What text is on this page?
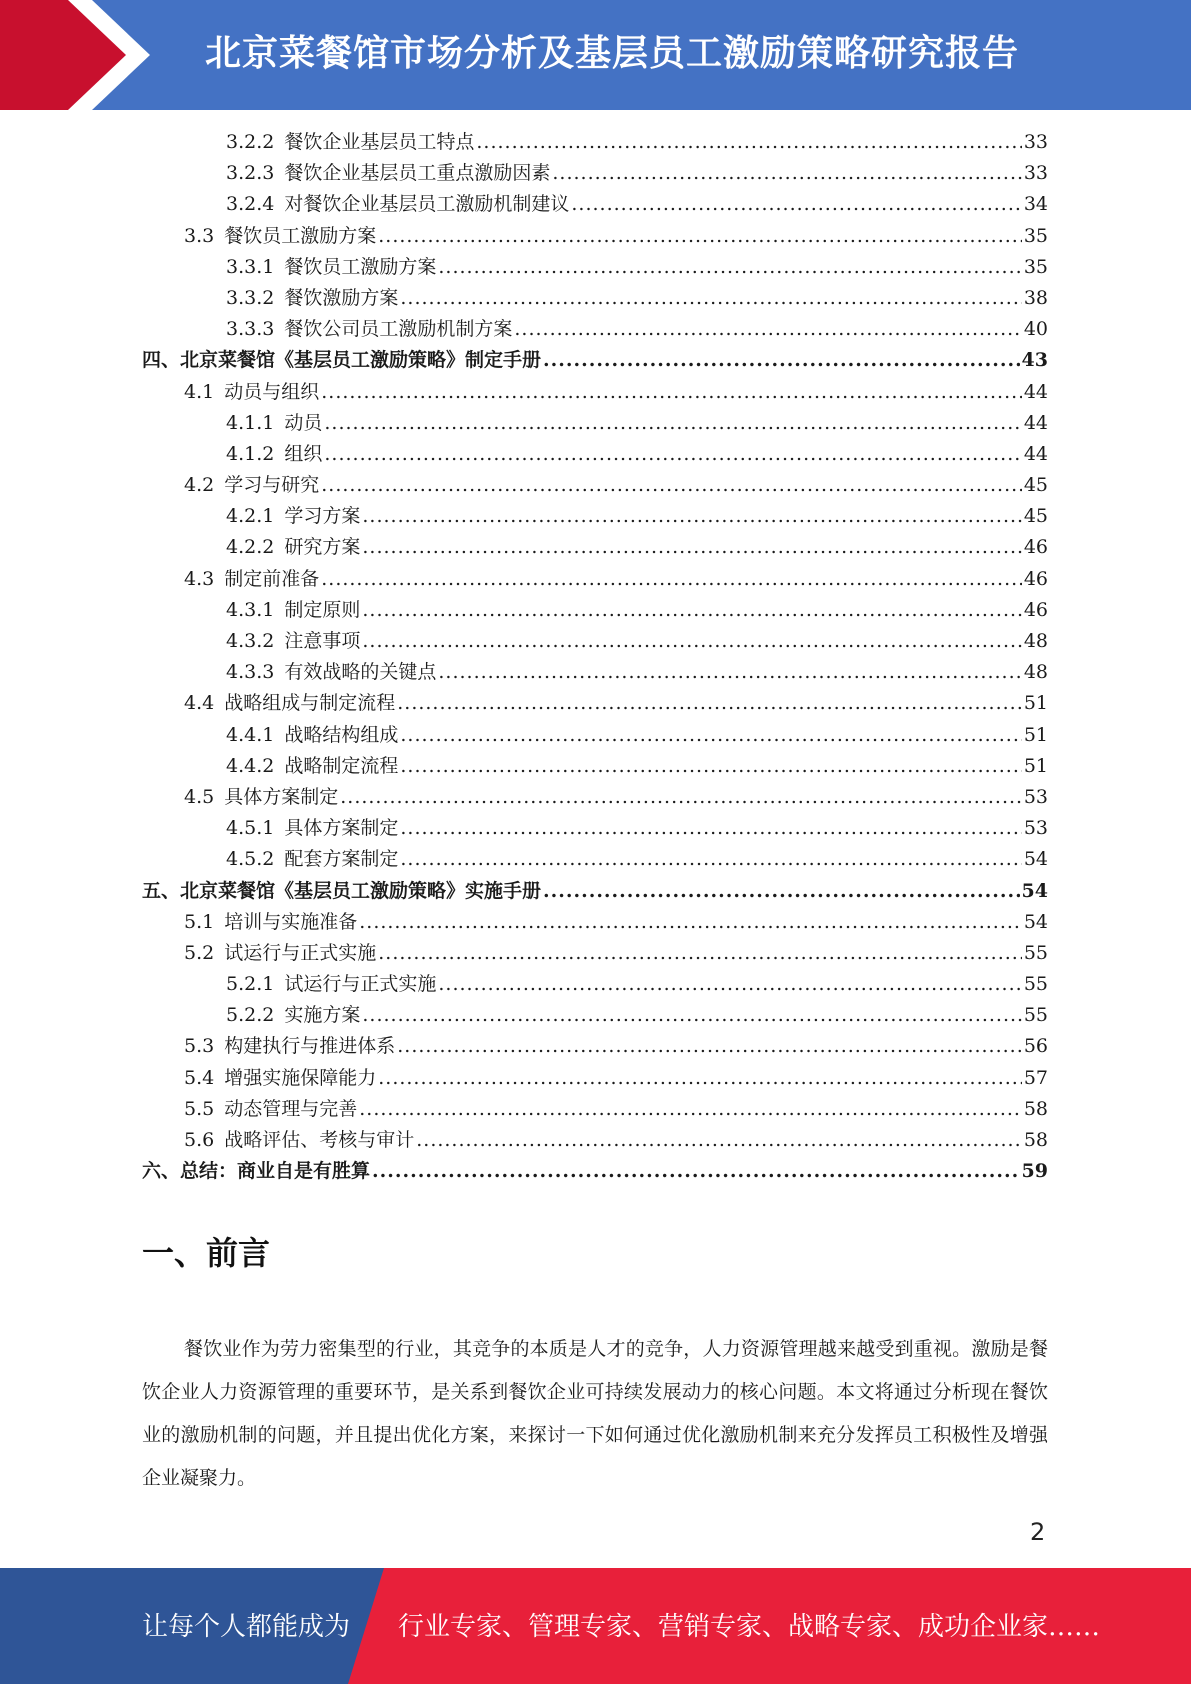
北京菜餐馆市场分析及基层员工激励策略研究报告
3.2.2 餐饮企业基层员工特点 .....	33
3.2.3 餐饮企业基层员工重点激励因素 .....	33
3.2.4 对餐饮企业基层员工激励机制建议 .....	34
3.3 餐饮员工激励方案 .....	35
3.3.1 餐饮员工激励方案 .....	35
3.3.2 餐饮激励方案 .....	38
3.3.3 餐饮公司员工激励机制方案 .....	40
四、北京菜餐馆《基层员工激励策略》制定手册 .....	43
4.1 动员与组织 .....	44
4.1.1 动员 .....	44
4.1.2 组织 .....	44
4.2 学习与研究 .....	45
4.2.1 学习方案 .....	45
4.2.2 研究方案 .....	46
4.3 制定前准备 .....	46
4.3.1 制定原则 .....	46
4.3.2 注意事项 .....	48
4.3.3 有效战略的关键点 .....	48
4.4 战略组成与制定流程 .....	51
4.4.1 战略结构组成 .....	51
4.4.2 战略制定流程 .....	51
4.5 具体方案制定 .....	53
4.5.1 具体方案制定 .....	53
4.5.2 配套方案制定 .....	54
五、北京菜餐馆《基层员工激励策略》实施手册 .....	54
5.1 培训与实施准备 .....	54
5.2 试运行与正式实施 .....	55
5.2.1 试运行与正式实施 .....	55
5.2.2 实施方案 .....	55
5.3 构建执行与推进体系 .....	56
5.4 增强实施保障能力 .....	57
5.5 动态管理与完善 .....	58
5.6 战略评估、考核与审计 .....	58
六、总结：商业自是有胜算 .....	59
一、前言

餐饮业作为劳力密集型的行业，其竞争的本质是人才的竞争，人力资源管理越来越受到重视。激励是餐饮企业人力资源管理的重要环节，是关系到餐饮企业可持续发展动力的核心问题。本文将通过分析现在餐饮业的激励机制的问题，并且提出优化方案，来探讨一下如何通过优化激励机制来充分发挥员工积极性及增强企业凝聚力。

2
让每个人都能成为 行业专家、管理专家、营销专家、战略专家、成功企业家……
